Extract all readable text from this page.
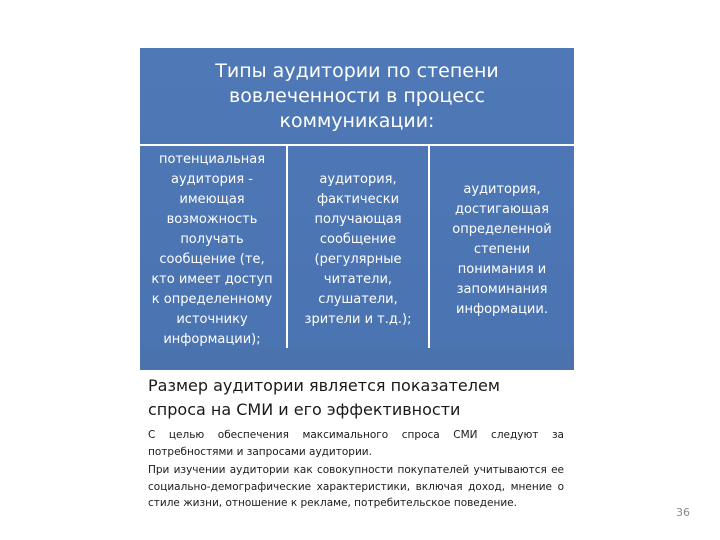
Типы аудитории по степени
вовлеченности в процесс
коммуникации:
потенциальная
аудитория -
имеющая
возможность
получать
сообщение (те,
кто имеет доступ
к определенному
источнику
информации);
аудитория,
фактически
получающая
сообщение
(регулярные
читатели,
слушатели,
зрители и т.д.);
аудитория,
достигающая
определенной
степени
понимания и
запоминания
информации.
Размер аудитории является показателем
спроса на СМИ и его эффективности
С целью обеспечения максимального спроса СМИ следуют за потребностями и запросами аудитории.
При изучении аудитории как совокупности покупателей учитываются ее социально-демографические характеристики, включая доход, мнение о стиле жизни, отношение к рекламе, потребительское поведение.
36
